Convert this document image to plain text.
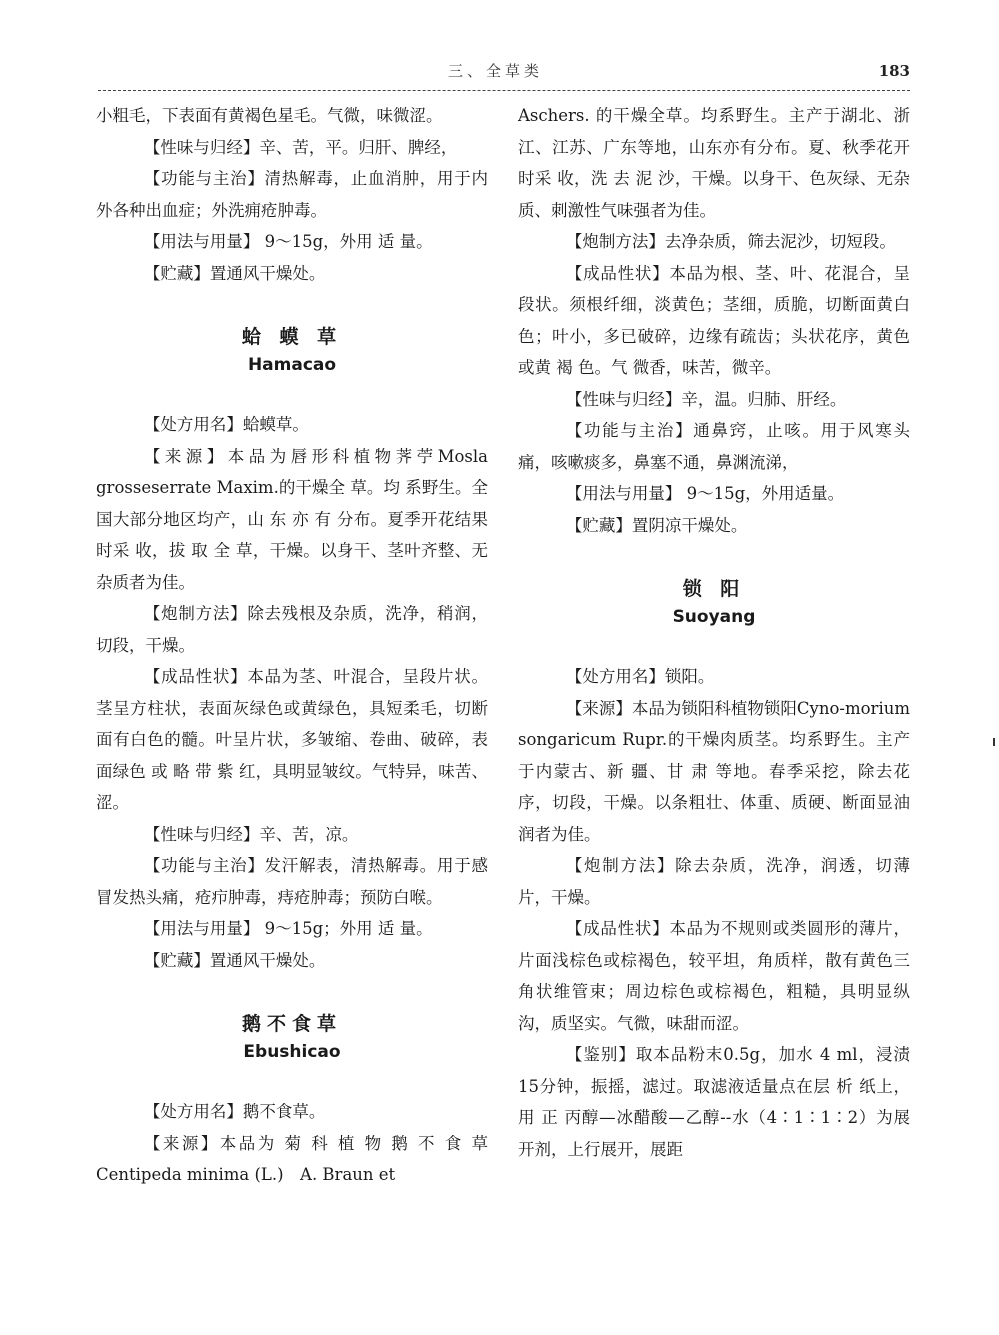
三、全草类	183

小粗毛，下表面有黄褐色星毛。气微，味微涩。

【性味与归经】辛、苦，平。归肝、脾经，

【功能与主治】清热解毒，止血消肿，用于内外各种出血症；外洗痈疮肿毒。

【用法与用量】 9～15g，外用 适 量。

【贮藏】置通风干燥处。

蛤 蟆 草
Hamacao

【处方用名】蛤蟆草。

【来源】本品为唇形科植物荠苧Mosla grosseserrate Maxim.的干燥全 草。均 系野生。全国大部分地区均产，山 东 亦 有 分布。夏季开花结果时采 收，拔 取 全 草，干燥。以身干、茎叶齐整、无杂质者为佳。

【炮制方法】除去残根及杂质，洗净，稍润，切段，干燥。

【成品性状】本品为茎、叶混合，呈段片状。茎呈方柱状，表面灰绿色或黄绿色，具短柔毛，切断面有白色的髓。叶呈片状，多皱缩、卷曲、破碎，表面绿色 或 略 带 紫 红，具明显皱纹。气特异，味苦、涩。

【性味与归经】辛、苦，凉。

【功能与主治】发汗解表，清热解毒。用于感冒发热头痛，疮疖肿毒，痔疮肿毒；预防白喉。

【用法与用量】 9～15g；外用 适 量。

【贮藏】置通风干燥处。

鹅不食草
Ebushicao

【处方用名】鹅不食草。

【来源】本品为 菊 科 植 物 鹅 不 食 草 Centipeda minima (L.)　A. Braun et

Aschers. 的干燥全草。均系野生。主产于湖北、浙江、江苏、广东等地，山东亦有分布。夏、秋季花开时采 收，洗 去 泥 沙，干燥。以身干、色灰绿、无杂质、刺激性气味强者为佳。

【炮制方法】去净杂质，筛去泥沙，切短段。

【成品性状】本品为根、茎、叶、花混合，呈段状。须根纤细，淡黄色；茎细，质脆，切断面黄白色；叶小，多已破碎，边缘有疏齿；头状花序，黄色或黄 褐 色。气 微香，味苦，微辛。

【性味与归经】辛，温。归肺、肝经。

【功能与主治】通鼻窍，止咳。用于风寒头痛，咳嗽痰多，鼻塞不通，鼻渊流涕，

【用法与用量】 9～15g，外用适量。

【贮藏】置阴凉干燥处。

锁 阳
Suoyang

【处方用名】锁阳。

【来源】本品为锁阳科植物锁阳Cyno-morium songaricum Rupr.的干燥肉质茎。均系野生。主产于内蒙古、新 疆、甘 肃 等地。春季采挖，除去花序，切段，干燥。以条粗壮、体重、质硬、断面显油润者为佳。

【炮制方法】除去杂质，洗净，润透，切薄片，干燥。

【成品性状】本品为不规则或类圆形的薄片，片面浅棕色或棕褐色，较平坦，角质样，散有黄色三角状维管束；周边棕色或棕褐色，粗糙，具明显纵沟，质坚实。气微，味甜而涩。

【鉴别】取本品粉末0.5g，加水 4 ml，浸渍15分钟，振摇，滤过。取滤液适量点在层 析 纸上，用 正 丙醇—冰醋酸—乙醇--水（4∶1∶1∶2）为展开剂，上行展开，展距
